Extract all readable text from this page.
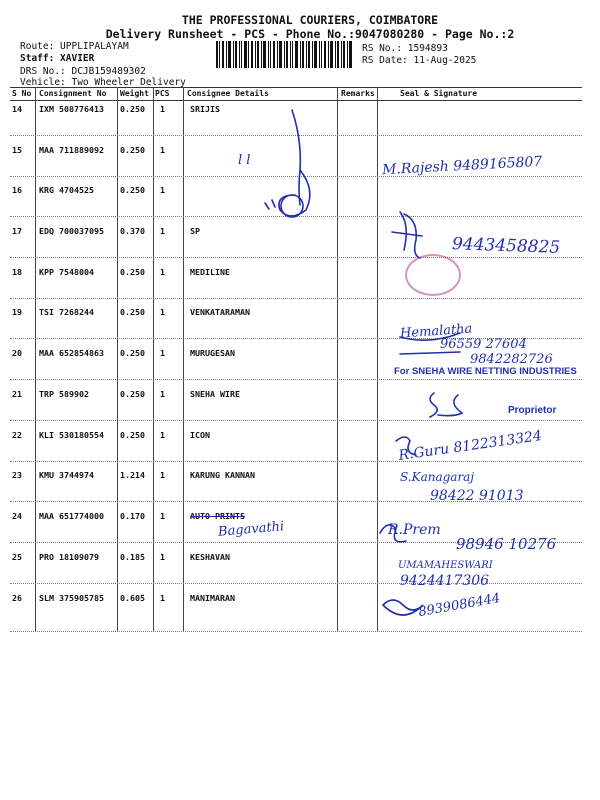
THE PROFESSIONAL COURIERS, COIMBATORE
Delivery Runsheet - PCS - Phone No.:9047080280 - Page No.:2
Route: UPPLIPALAYAM
Staff: XAVIER
DRS No.: DCJB159489302
Vehicle: Two Wheeler Delivery
RS No.: 1594893
RS Date: 11-Aug-2025
S No Consignment No Weight PCS Consignee Details	Remarks	Seal & Signature
14 IXM 508776413 0.250 1	SRIJIS
15 MAA 711889092 0.250 1
16 KRG 4704525	0.250 1
17 EDQ 700037095 0.370 1	SP
18 KPP 7548004	0.250 1	MEDILINE
19 TSI 7268244	0.250 1	VENKATARAMAN
20 MAA 652854863 0.250 1	MURUGESAN
21 TRP 589902	0.250 1	SNEHA WIRE
22 KLI 530180554 0.250 1	ICON
23 KMU 3744974	1.214 1	KARUNG KANNAN
24 MAA 651774000 0.170 1	AUTO PRINTS
25 PRO 18109079	0.185 1	KESHAVAN
26 SLM 375905785 0.605 1	MANIMARAN
l l	M.Rajesh 9489165807
9443458825
Hemalatha
96559 27604
9842282726
For SNEHA WIRE NETTING INDUSTRIES
Proprietor
R.Guru 8122313324
S.Kanagaraj
98422 91013
Bagavathi	R.Prem
98946 10276
UMAMAHESWARI
9424417306
8939086444
